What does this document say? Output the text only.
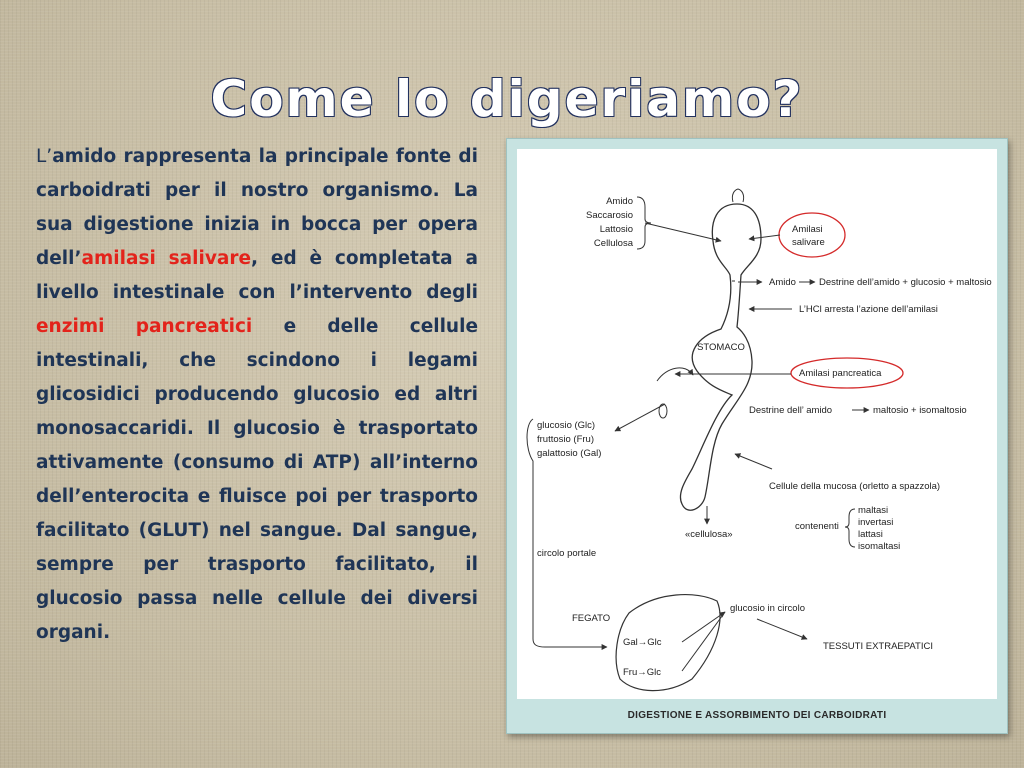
Come lo digeriamo?

L’amido rappresenta la principale fonte di carboidrati per il nostro organismo. La sua digestione inizia in bocca per opera dell’amilasi salivare, ed è completata a livello intestinale con l’intervento degli enzimi pancreatici e delle cellule intestinali, che scindono i legami glicosidici producendo glucosio ed altri monosaccaridi. Il glucosio è trasportato attivamente (consumo di ATP) all’interno dell’enterocita e fluisce poi per trasporto facilitato (GLUT) nel sangue. Dal sangue, sempre per trasporto facilitato, il glucosio passa nelle cellule dei diversi organi.

Amido
Saccarosio
Lattosio
Cellulosa
STOMACO
Amilasi
salivare
Amido Destrine dell’amido + glucosio + maltosio
L’HCl arresta l’azione dell’amilasi
Amilasi pancreatica
Destrine dell’ amido	maltosio + isomaltosio
glucosio (Glc)
fruttosio (Fru)
galattosio (Gal)
Cellule della mucosa (orletto a spazzola)
«cellulosa»
contenenti
maltasi
invertasi
lattasi
isomaltasi
circolo portale
FEGATO
Gal→Glc
Fru→Glc
glucosio in circolo
TESSUTI EXTRAEPATICI
DIGESTIONE E ASSORBIMENTO DEI CARBOIDRATI
